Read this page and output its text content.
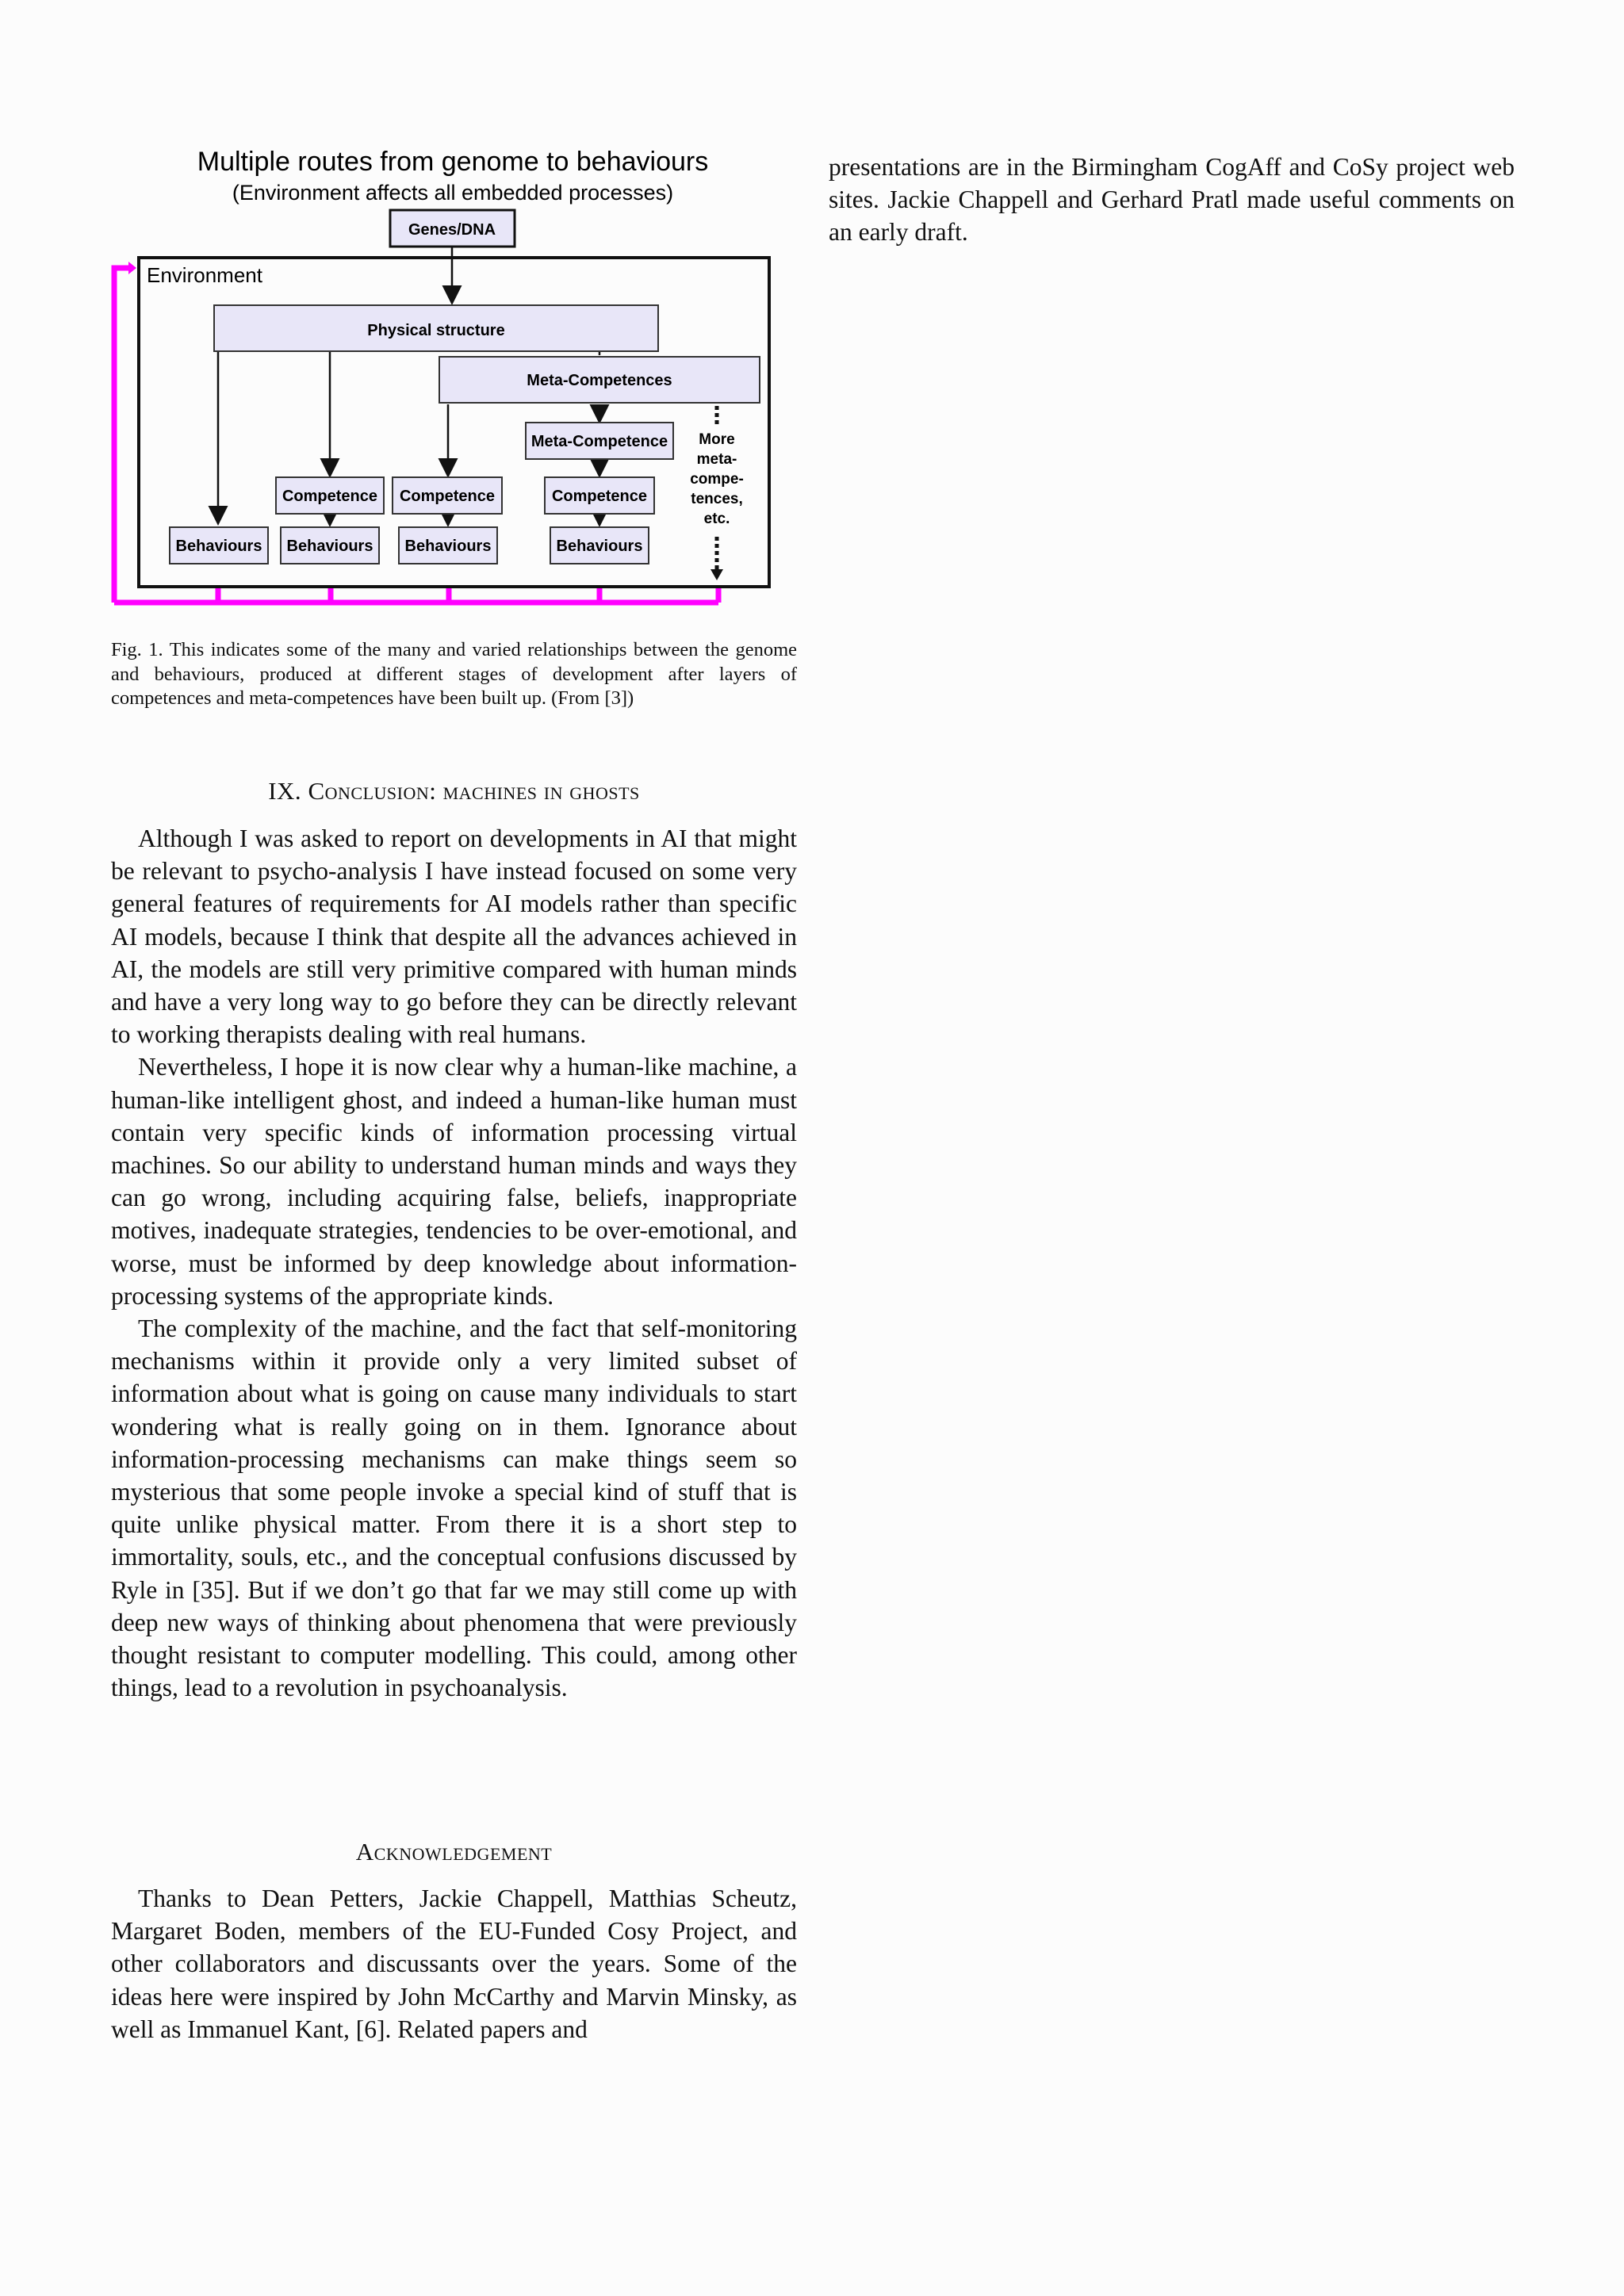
Multiple routes from genome to behaviours
(Environment affects all embedded processes)
Environment
Genes/DNA
Physical structure
Meta-Competences
Meta-Competence More
meta-
compe-
tences,
etc.
Competence Competence	Competence
Behaviours Behaviours Behaviours	Behaviours

Fig. 1. This indicates some of the many and varied relationships between the genome and behaviours, produced at different stages of development after layers of competences and meta-competences have been built up. (From [3])

IX. Conclusion: machines in ghosts

Although I was asked to report on developments in AI that might be relevant to psycho-analysis I have instead focused on some very general features of requirements for AI models rather than specific AI models, because I think that despite all the advances achieved in AI, the models are still very primitive compared with human minds and have a very long way to go before they can be directly relevant to working therapists dealing with real humans.

Nevertheless, I hope it is now clear why a human-like machine, a human-like intelligent ghost, and indeed a human-like human must contain very specific kinds of information processing virtual machines. So our ability to understand human minds and ways they can go wrong, including acquiring false, beliefs, inappropriate motives, inadequate strategies, tendencies to be over-emotional, and worse, must be informed by deep knowledge about information-processing systems of the appropriate kinds.

The complexity of the machine, and the fact that self-monitoring mechanisms within it provide only a very limited subset of information about what is going on cause many individuals to start wondering what is really going on in them. Ignorance about information-processing mechanisms can make things seem so mysterious that some people invoke a special kind of stuff that is quite unlike physical matter. From there it is a short step to immortality, souls, etc., and the conceptual confusions discussed by Ryle in [35]. But if we don’t go that far we may still come up with deep new ways of thinking about phenomena that were previously thought resistant to computer modelling. This could, among other things, lead to a revolution in psychoanalysis.

Acknowledgement

Thanks to Dean Petters, Jackie Chappell, Matthias Scheutz, Margaret Boden, members of the EU-Funded Cosy Project, and other collaborators and discussants over the years. Some of the ideas here were inspired by John McCarthy and Marvin Minsky, as well as Immanuel Kant, [6]. Related papers and

presentations are in the Birmingham CogAff and CoSy project web sites. Jackie Chappell and Gerhard Pratl made useful comments on an early draft.
